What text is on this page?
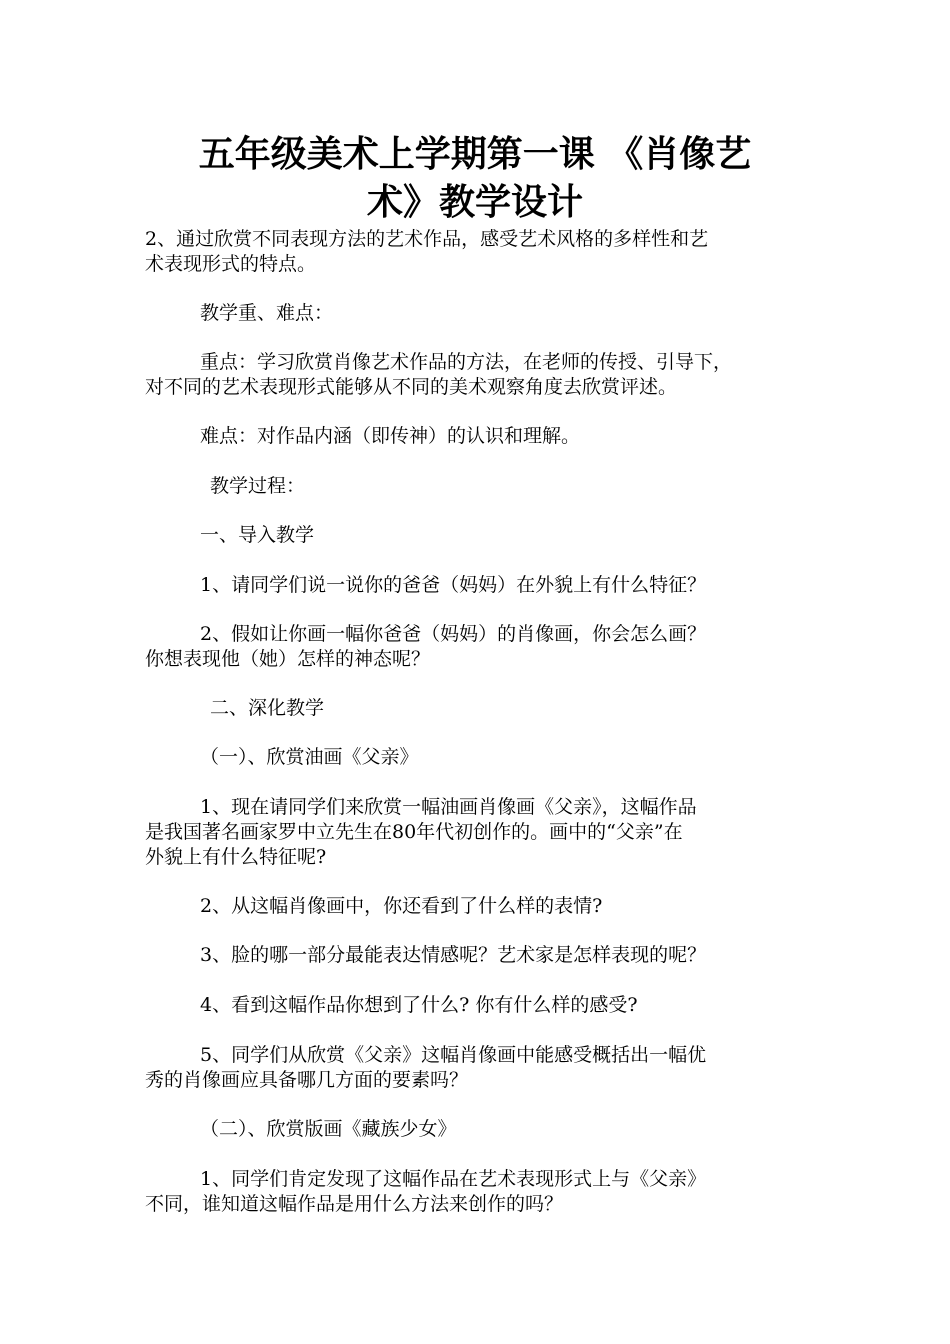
五年级美术上学期第一课 《肖像艺
术》教学设计

2、通过欣赏不同表现方法的艺术作品，感受艺术风格的多样性和艺

术表现形式的特点。

教学重、难点：

重点：学习欣赏肖像艺术作品的方法，在老师的传授、引导下，

对不同的艺术表现形式能够从不同的美术观察角度去欣赏评述。

难点：对作品内涵（即传神）的认识和理解。

教学过程：

一、导入教学

1、请同学们说一说你的爸爸（妈妈）在外貌上有什么特征？

2、假如让你画一幅你爸爸（妈妈）的肖像画，你会怎么画？

你想表现他（她）怎样的神态呢？

二、深化教学

（一）、欣赏油画《父亲》

1、现在请同学们来欣赏一幅油画肖像画《父亲》，这幅作品

是我国著名画家罗中立先生在80年代初创作的。画中的“父亲”在

外貌上有什么特征呢?

2、从这幅肖像画中，你还看到了什么样的表情?

3、脸的哪一部分最能表达情感呢？艺术家是怎样表现的呢？

4、看到这幅作品你想到了什么? 你有什么样的感受?

5、同学们从欣赏《父亲》这幅肖像画中能感受概括出一幅优

秀的肖像画应具备哪几方面的要素吗？

（二）、欣赏版画《藏族少女》

1、同学们肯定发现了这幅作品在艺术表现形式上与《父亲》

不同，谁知道这幅作品是用什么方法来创作的吗？
